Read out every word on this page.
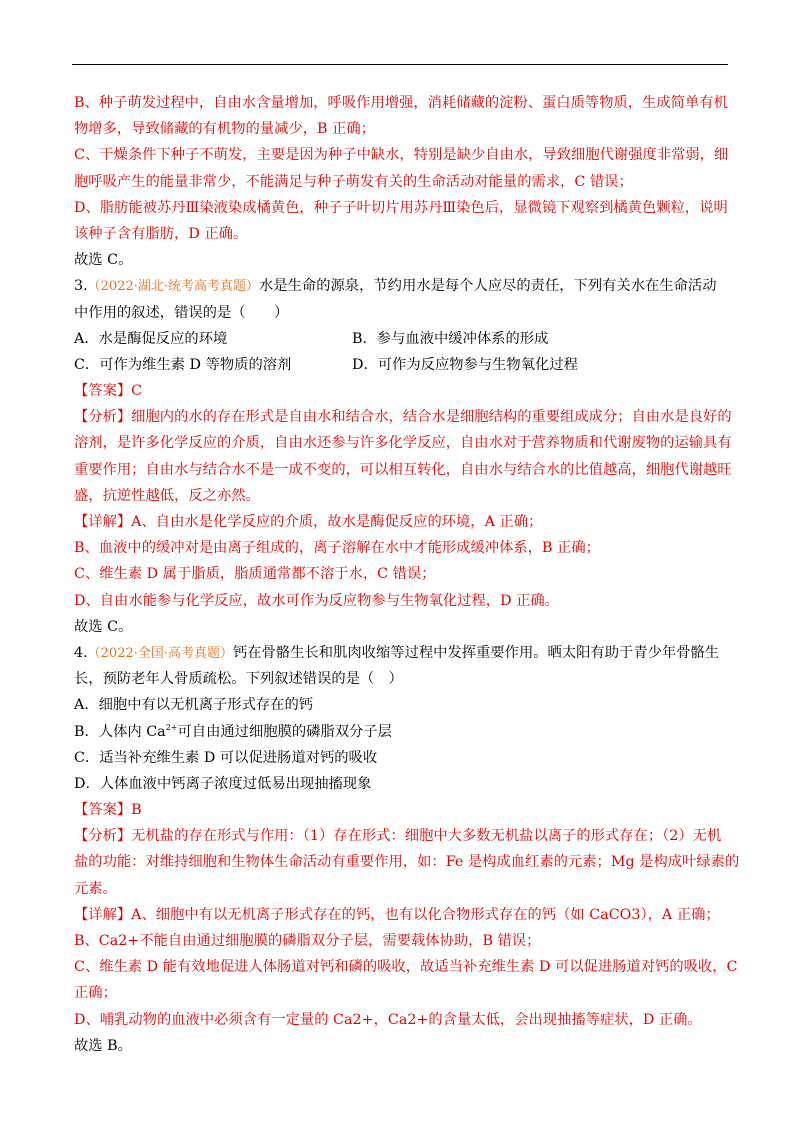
B、种子萌发过程中，自由水含量增加，呼吸作用增强，消耗储藏的淀粉、蛋白质等物质，生成简单有机
物增多，导致储藏的有机物的量减少，B 正确；
C、干燥条件下种子不萌发，主要是因为种子中缺水，特别是缺少自由水，导致细胞代谢强度非常弱，细
胞呼吸产生的能量非常少，不能满足与种子萌发有关的生命活动对能量的需求，C 错误；
D、脂肪能被苏丹Ⅲ染液染成橘黄色，种子子叶切片用苏丹Ⅲ染色后，显微镜下观察到橘黄色颗粒，说明
该种子含有脂肪，D 正确。
故选 C。
3.（2022·湖北·统考高考真题）水是生命的源泉，节约用水是每个人应尽的责任，下列有关水在生命活动
中作用的叙述，错误的是（　　）
A．水是酶促反应的环境	B．参与血液中缓冲体系的形成
C．可作为维生素 D 等物质的溶剂	D．可作为反应物参与生物氧化过程
【答案】C
【分析】细胞内的水的存在形式是自由水和结合水，结合水是细胞结构的重要组成成分；自由水是良好的
溶剂，是许多化学反应的介质，自由水还参与许多化学反应，自由水对于营养物质和代谢废物的运输具有
重要作用；自由水与结合水不是一成不变的，可以相互转化，自由水与结合水的比值越高，细胞代谢越旺
盛，抗逆性越低，反之亦然。
【详解】A、自由水是化学反应的介质，故水是酶促反应的环境，A 正确；
B、血液中的缓冲对是由离子组成的，离子溶解在水中才能形成缓冲体系，B 正确；
C、维生素 D 属于脂质，脂质通常都不溶于水，C 错误；
D、自由水能参与化学反应，故水可作为反应物参与生物氧化过程，D 正确。
故选 C。
4.（2022·全国·高考真题）钙在骨骼生长和肌肉收缩等过程中发挥重要作用。晒太阳有助于青少年骨骼生
长，预防老年人骨质疏松。下列叙述错误的是（　）
A．细胞中有以无机离子形式存在的钙
B．人体内 $Ca^{2+}$可自由通过细胞膜的磷脂双分子层
C．适当补充维生素 D 可以促进肠道对钙的吸收
D．人体血液中钙离子浓度过低易出现抽搐现象
【答案】B
【分析】无机盐的存在形式与作用：（1）存在形式：细胞中大多数无机盐以离子的形式存在；（2）无机
盐的功能：对维持细胞和生物体生命活动有重要作用，如：Fe 是构成血红素的元素；Mg 是构成叶绿素的
元素。
【详解】A、细胞中有以无机离子形式存在的钙，也有以化合物形式存在的钙（如 CaCO3），A 正确；
B、Ca2+不能自由通过细胞膜的磷脂双分子层，需要载体协助，B 错误；
C、维生素 D 能有效地促进人体肠道对钙和磷的吸收，故适当补充维生素 D 可以促进肠道对钙的吸收，C
正确；
D、哺乳动物的血液中必须含有一定量的 Ca2+，Ca2+的含量太低，会出现抽搐等症状，D 正确。
故选 B。
